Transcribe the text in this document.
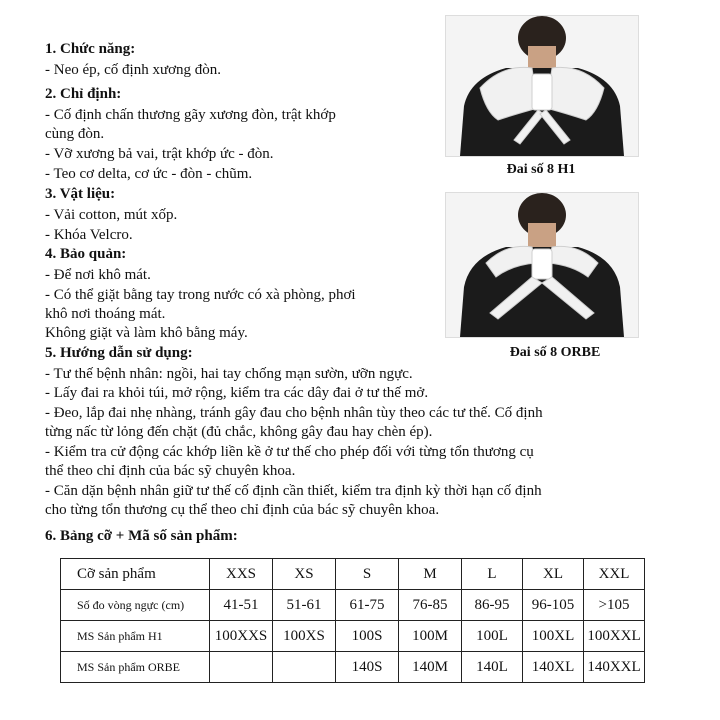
1. Chức năng:
- Neo ép, cố định xương đòn.
2. Chỉ định:
- Cố định chấn thương gãy xương đòn, trật khớp
cùng đòn.
- Vỡ xương bả vai, trật khớp ức - đòn.
- Teo cơ delta, cơ ức - đòn - chũm.
3. Vật liệu:
- Vải cotton, mút xốp.
- Khóa Velcro.
4. Bảo quản:
- Để nơi khô mát.
- Có thể giặt bằng tay trong nước có xà phòng, phơi
khô nơi thoáng mát.
Không giặt và làm khô bằng máy.
5. Hướng dẫn sử dụng:
- Tư thế bệnh nhân: ngồi, hai tay chống mạn sườn, ưỡn ngực.
- Lấy đai ra khỏi túi, mở rộng, kiểm tra các dây đai ở tư thế mở.
- Đeo, lắp đai nhẹ nhàng, tránh gây đau cho bệnh nhân tùy theo các tư thế. Cố định
từng nấc từ lỏng đến chặt (đủ chắc, không gây đau hay chèn ép).
- Kiểm tra cử động các khớp liền kề ở tư thế cho phép đối với từng tổn thương cụ
thể theo chỉ định của bác sỹ chuyên khoa.
- Căn dặn bệnh nhân giữ tư thế cố định cần thiết, kiểm tra định kỳ thời hạn cố định
cho từng tổn thương cụ thể theo chỉ định của bác sỹ chuyên khoa.
6. Bảng cỡ + Mã số sản phẩm:
Đai số 8 H1
Đai số 8 ORBE
Cỡ sản phẩm	XXS	XS	S	M	L	XL	XXL
Số đo vòng ngực (cm)	41-51	51-61	61-75	76-85	86-95	96-105	>105
MS Sản phẩm H1	100XXS	100XS	100S	100M	100L	100XL	100XXL
MS Sản phẩm ORBE			140S	140M	140L	140XL	140XXL
